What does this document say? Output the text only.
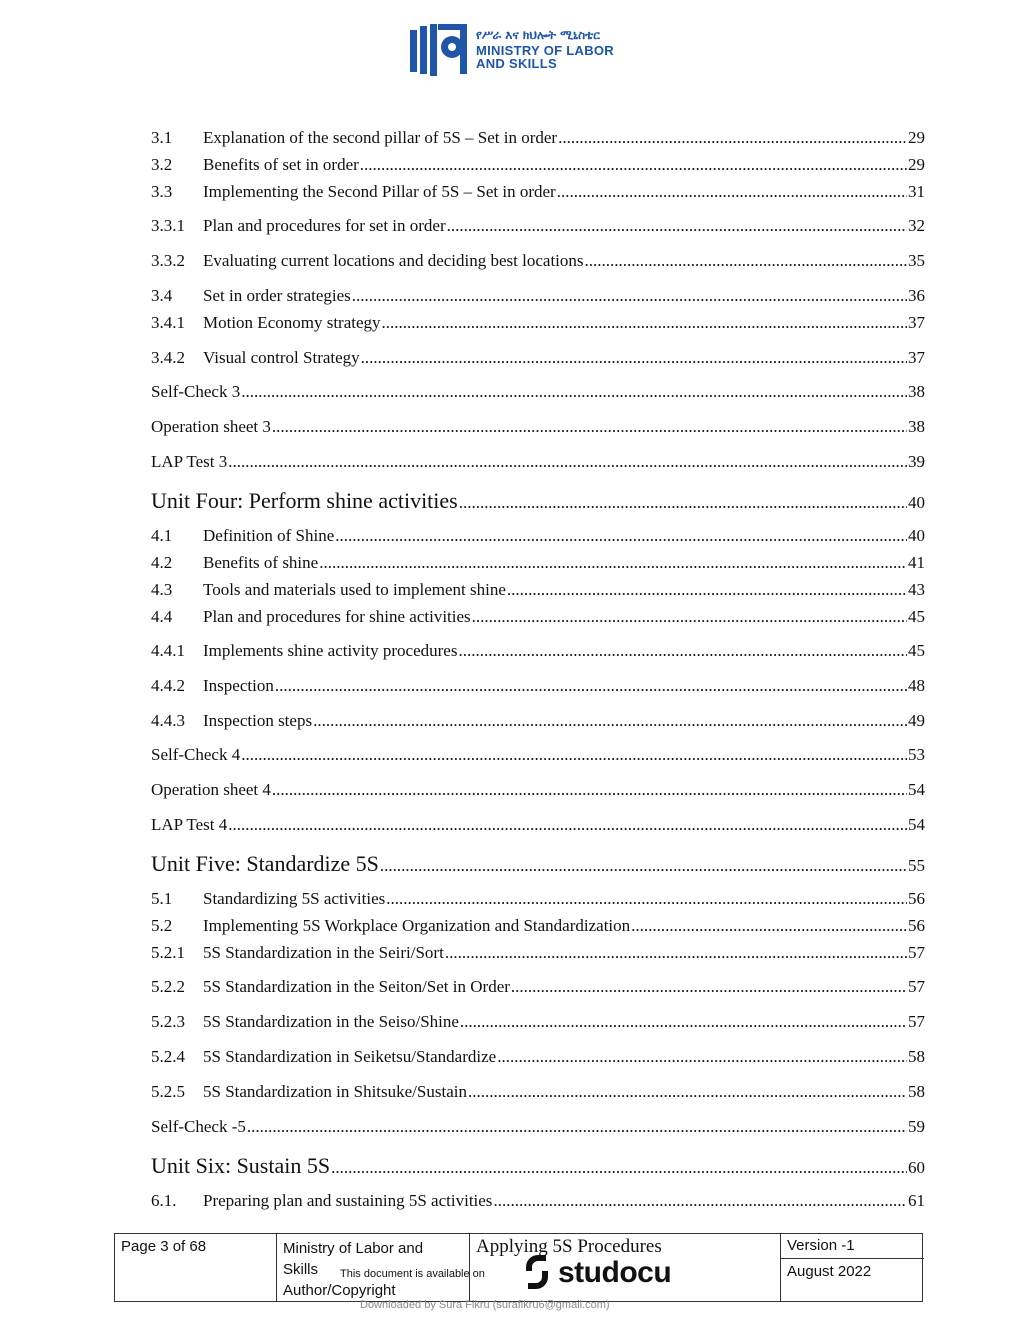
የሥራ እና ክህሎት ሚኒስቴር
MINISTRY OF LABOR
AND SKILLS
3.1	Explanation of the second pillar of 5S – Set in order .....	29
3.2	Benefits of set in order .....	29
3.3	Implementing the Second Pillar of 5S – Set in order .....	31
3.3.1	Plan and procedures for set in order .....	32
3.3.2	Evaluating current locations and deciding best locations .....	35
3.4	Set in order strategies .....	36
3.4.1	Motion Economy strategy .....	37
3.4.2	Visual control Strategy .....	37
Self-Check 3 .....	38
Operation sheet 3 .....	38
LAP Test 3 .....	39
Unit Four: Perform shine activities .....	40
4.1	Definition of Shine .....	40
4.2	Benefits of shine .....	41
4.3	Tools and materials used to implement shine .....	43
4.4	Plan and procedures for shine activities .....	45
4.4.1	Implements shine activity procedures .....	45
4.4.2	Inspection .....	48
4.4.3	Inspection steps .....	49
Self-Check 4 .....	53
Operation sheet 4 .....	54
LAP Test 4 .....	54
Unit Five: Standardize 5S .....	55
5.1	Standardizing 5S activities .....	56
5.2	Implementing 5S Workplace Organization and Standardization .....	56
5.2.1	5S Standardization in the Seiri/Sort .....	57
5.2.2	5S Standardization in the Seiton/Set in Order .....	57
5.2.3	5S Standardization in the Seiso/Shine .....	57
5.2.4	5S Standardization in Seiketsu/Standardize .....	58
5.2.5	5S Standardization in Shitsuke/Sustain .....	58
Self-Check -5 .....	59
Unit Six: Sustain 5S .....	60
6.1.	Preparing plan and sustaining 5S activities .....	61
Page 3 of 68	Ministry of Labor and
Skills
Author/Copyright
Applying 5S Procedures	Version -1
August 2022
This document is available on studocu
Downloaded by Sura Fikru (surafikru6@gmail.com)
